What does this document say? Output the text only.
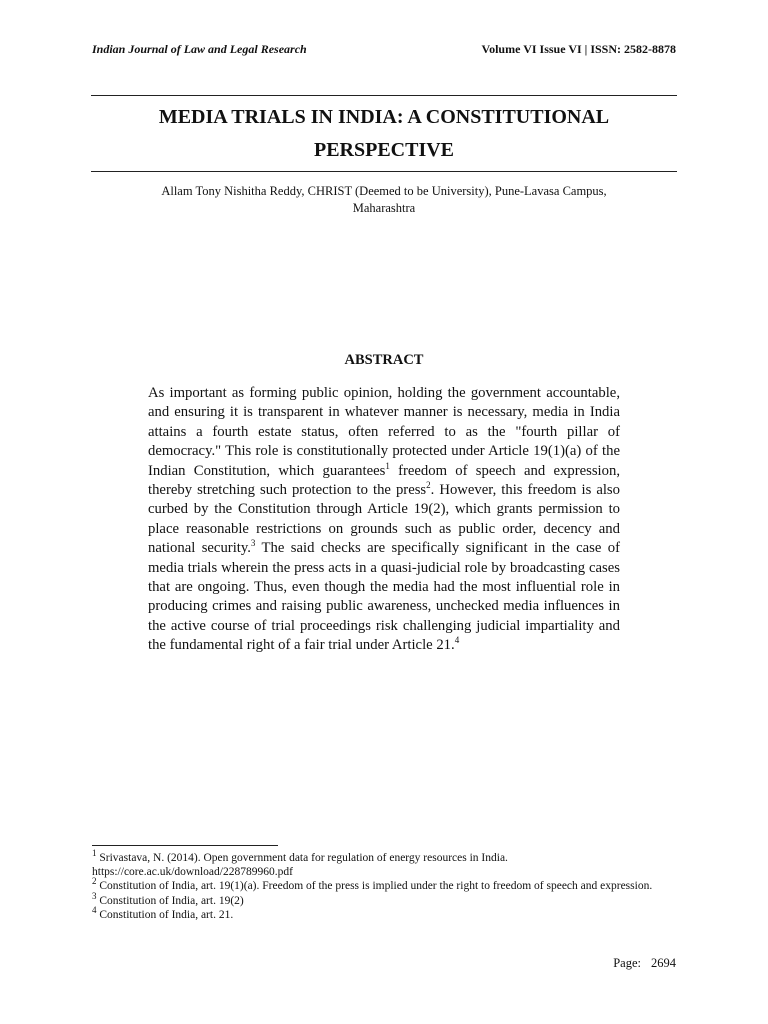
Indian Journal of Law and Legal Research	Volume VI Issue VI | ISSN: 2582-8878
MEDIA TRIALS IN INDIA: A CONSTITUTIONAL
PERSPECTIVE
Allam Tony Nishitha Reddy, CHRIST (Deemed to be University), Pune-Lavasa Campus,
Maharashtra
ABSTRACT
As important as forming public opinion, holding the government accountable, and ensuring it is transparent in whatever manner is necessary, media in India attains a fourth estate status, often referred to as the "fourth pillar of democracy." This role is constitutionally protected under Article 19(1)(a) of the Indian Constitution, which guarantees$^1$ freedom of speech and expression, thereby stretching such protection to the press$^2$. However, this freedom is also curbed by the Constitution through Article 19(2), which grants permission to place reasonable restrictions on grounds such as public order, decency and national security.$^3$ The said checks are specifically significant in the case of media trials wherein the press acts in a quasi-judicial role by broadcasting cases that are ongoing. Thus, even though the media had the most influential role in producing crimes and raising public awareness, unchecked media influences in the active course of trial proceedings risk challenging judicial impartiality and the fundamental right of a fair trial under Article 21.$^4$

$^1$ Srivastava, N. (2014). Open government data for regulation of energy resources in India.
https://core.ac.uk/download/228789960.pdf

$^2$ Constitution of India, art. 19(1)(a). Freedom of the press is implied under the right to freedom of speech and expression.

$^3$ Constitution of India, art. 19(2)

$^4$ Constitution of India, art. 21.

Page: 2694
